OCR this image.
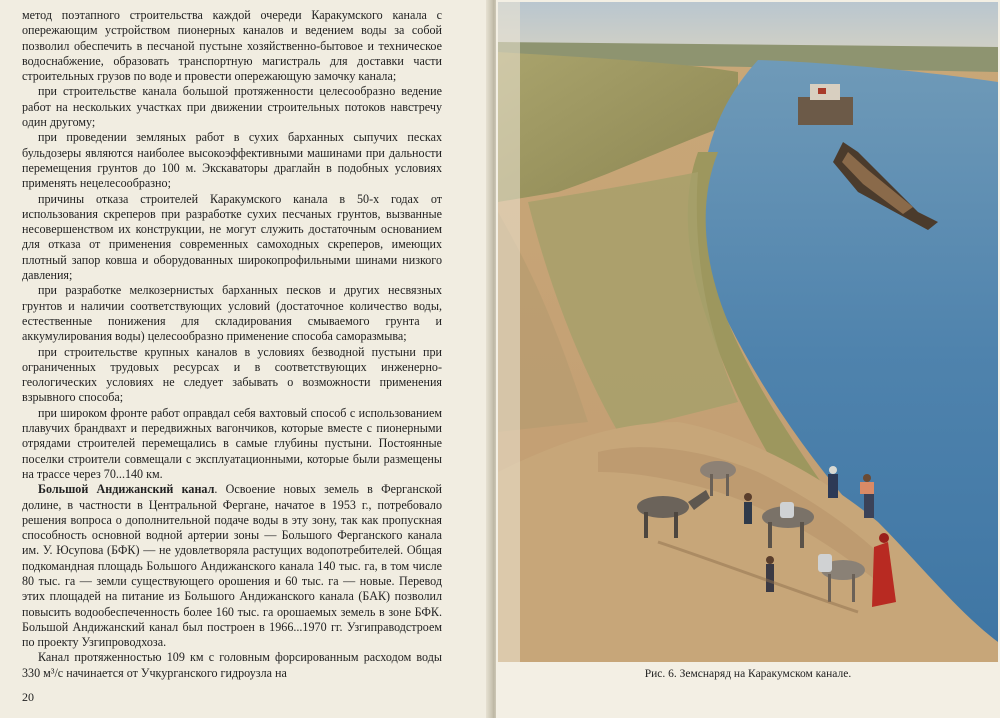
метод поэтапного строительства каждой очереди Каракумского канала с опережающим устройством пионерных каналов и ведением воды за собой позволил обеспечить в песчаной пустыне хозяйственно-бытовое и техническое водоснабжение, образовать транспортную магистраль для доставки части строительных грузов по воде и провести опережающую замочку канала;

при строительстве канала большой протяженности целесообразно ведение работ на нескольких участках при движении строительных потоков навстречу один другому;

при проведении земляных работ в сухих барханных сыпучих песках бульдозеры являются наиболее высокоэффективными машинами при дальности перемещения грунтов до 100 м. Экскаваторы драглайн в подобных условиях применять нецелесообразно;

причины отказа строителей Каракумского канала в 50-х годах от использования скреперов при разработке сухих песчаных грунтов, вызванные несовершенством их конструкции, не могут служить достаточным основанием для отказа от применения современных самоходных скреперов, имеющих плотный запор ковша и оборудованных широкопрофильными шинами низкого давления;

при разработке мелкозернистых барханных песков и других несвязных грунтов и наличии соответствующих условий (достаточное количество воды, естественные понижения для складирования смываемого грунта и аккумулирования воды) целесообразно применение способа саморазмыва;

при строительстве крупных каналов в условиях безводной пустыни при ограниченных трудовых ресурсах и в соответствующих инженерно-геологических условиях не следует забывать о возможности применения взрывного способа;

при широком фронте работ оправдал себя вахтовый способ с использованием плавучих брандвахт и передвижных вагончиков, которые вместе с пионерными отрядами строителей перемещались в самые глубины пустыни. Постоянные поселки строители совмещали с эксплуатационными, которые были размещены на трассе через 70...140 км.

Большой Андижанский канал. Освоение новых земель в Ферганской долине, в частности в Центральной Фергане, начатое в 1953 г., потребовало решения вопроса о дополнительной подаче воды в эту зону, так как пропускная способность основной водной артерии зоны — Большого Ферганского канала им. У. Юсупова (БФК) — не удовлетворяла растущих водопотребителей. Общая подкомандная площадь Большого Андижанского канала 140 тыс. га, в том числе 80 тыс. га — земли существующего орошения и 60 тыс. га — новые. Перевод этих площадей на питание из Большого Андижанского канала (БАК) позволил повысить водообеспеченность более 160 тыс. га орошаемых земель в зоне БФК. Большой Андижанский канал был построен в 1966...1970 гг. Узгиправодстроем по проекту Узгипроводхоза.

Канал протяженностью 109 км с головным форсированным расходом воды 330 м³/с начинается от Учкурганского гидроузла на

20
Рис. 6. Земснаряд на Каракумском канале.
